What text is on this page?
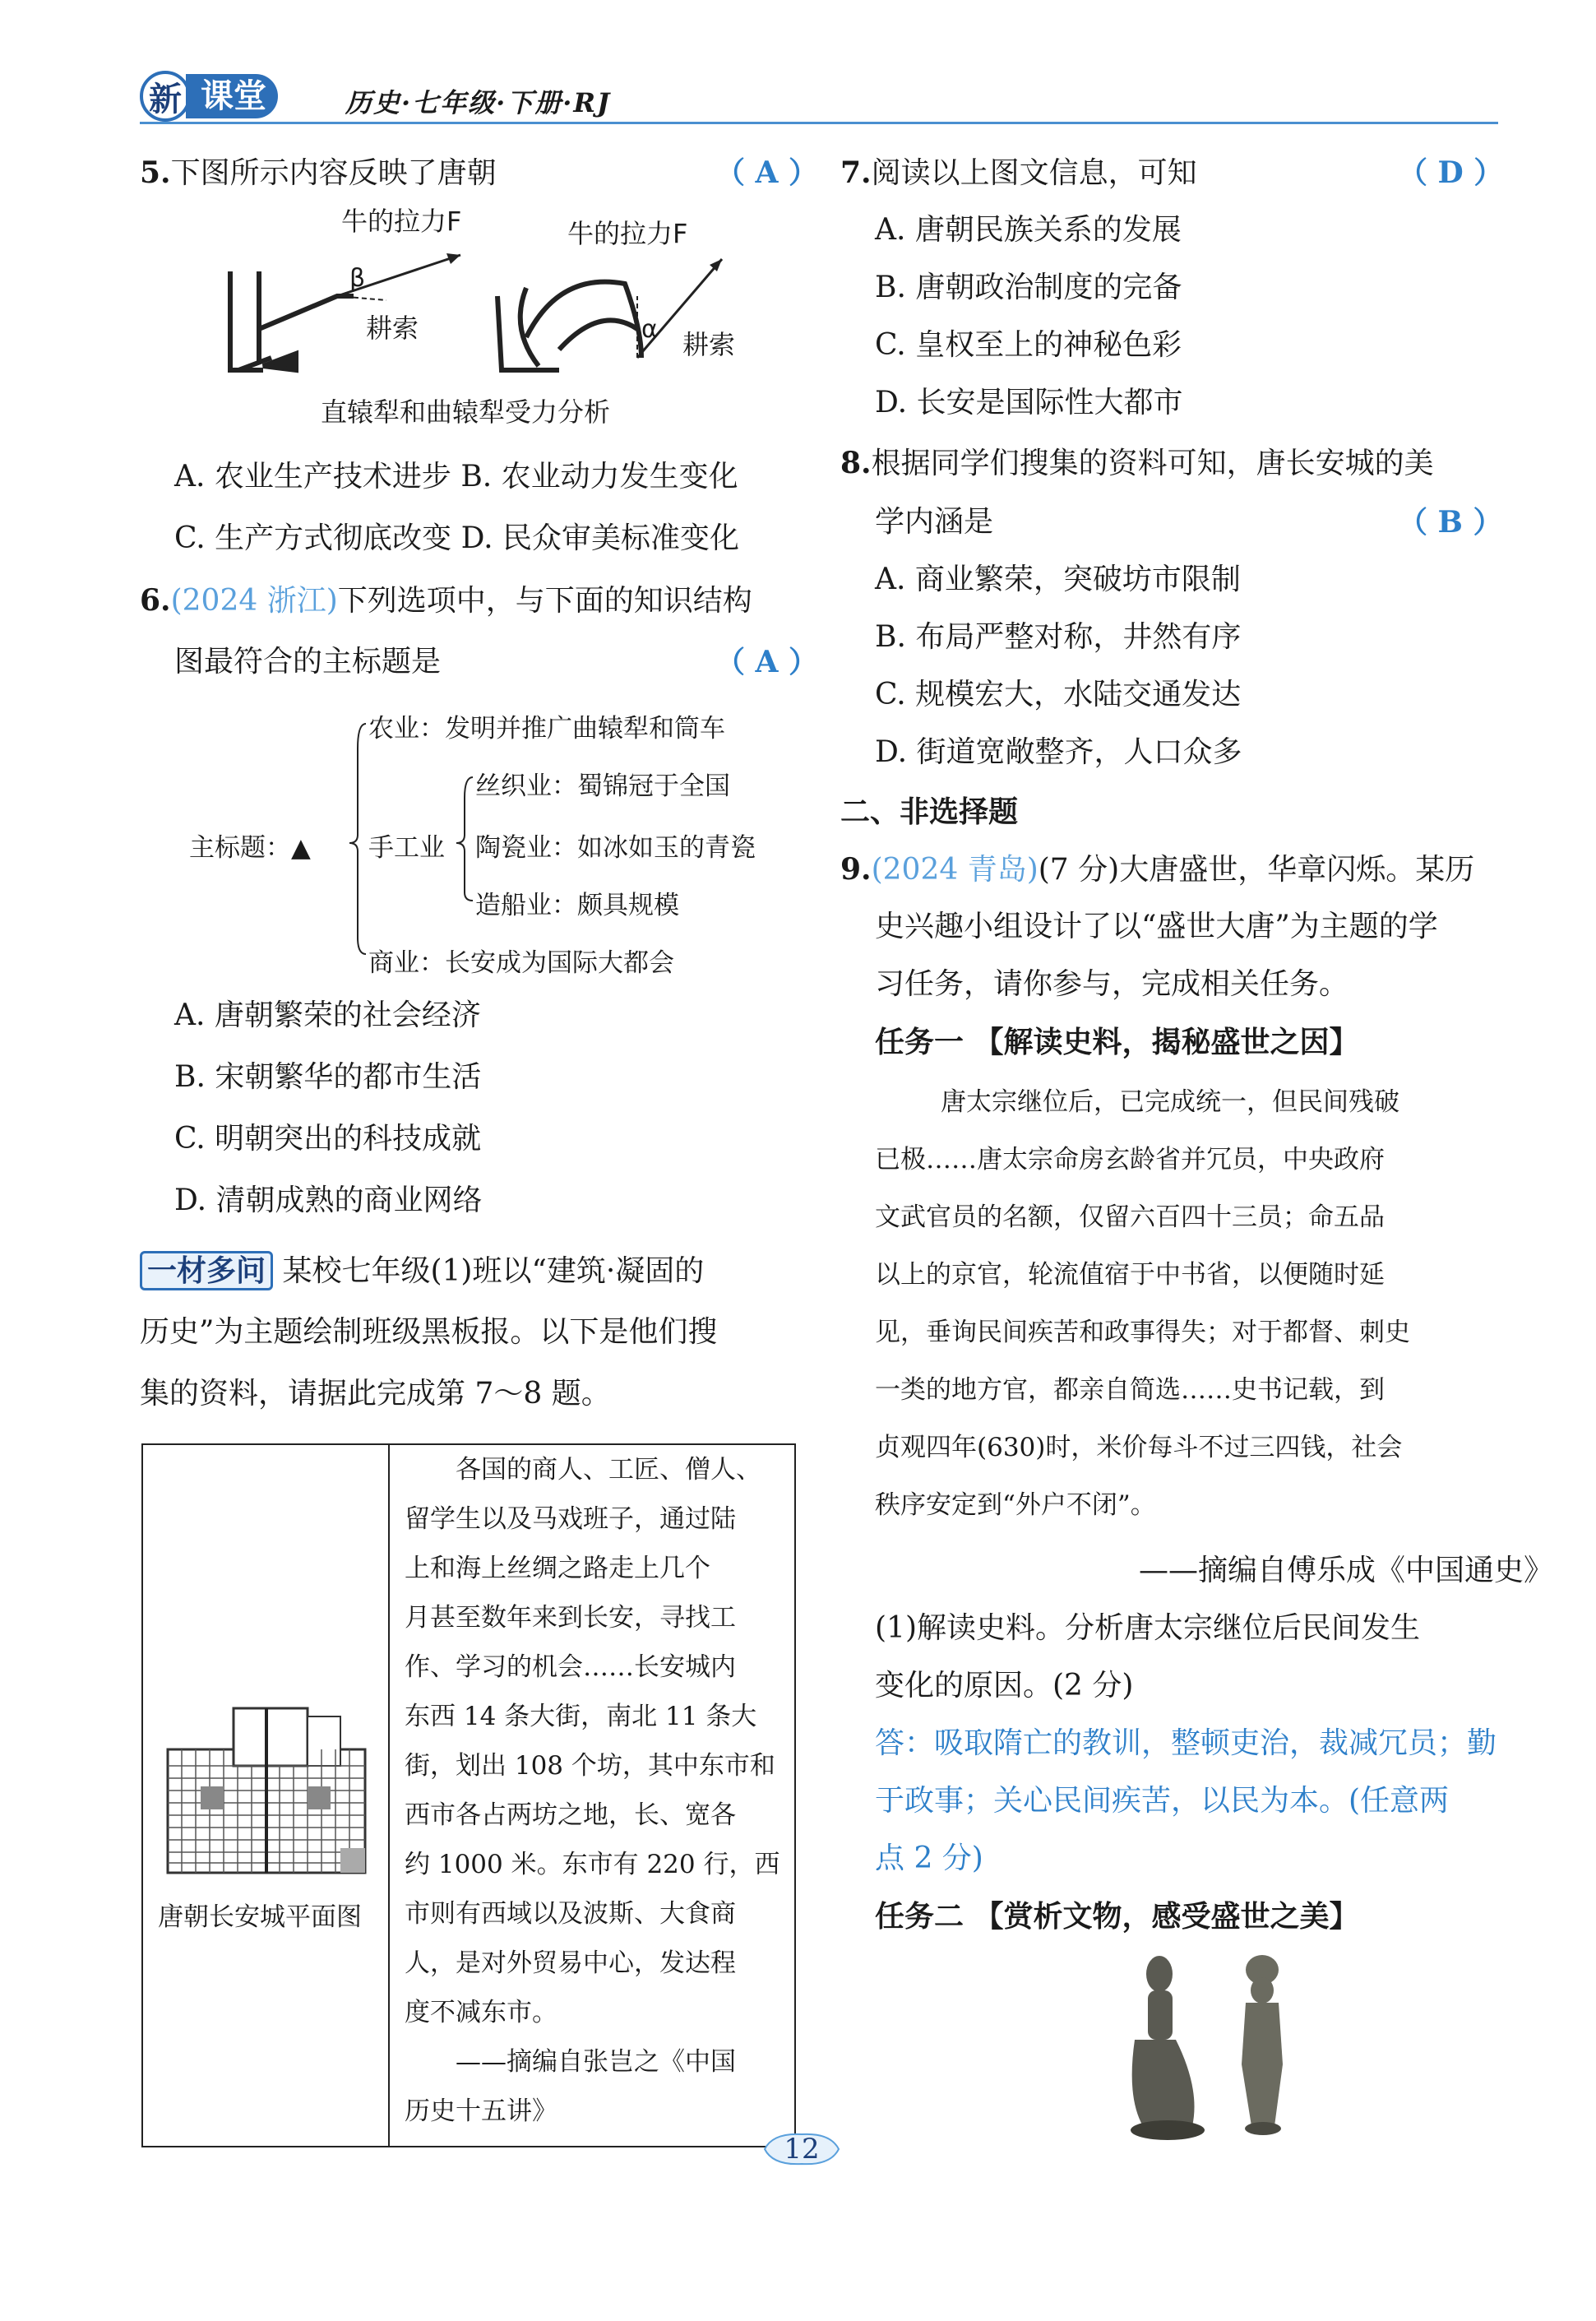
新 课堂	历史·七年级·下册·RJ
5.下图所示内容反映了唐朝	（ A ）
牛的拉力F
β
耕索
牛的拉力F
α 耕索
直辕犁和曲辕犁受力分析
A. 农业生产技术进步 B. 农业动力发生变化
C. 生产方式彻底改变 D. 民众审美标准变化
6.(2024 浙江)下列选项中，与下面的知识结构
图最符合的主标题是	（ A ）
主标题：▲
农业：发明并推广曲辕犁和筒车
手工业
丝织业：蜀锦冠于全国
陶瓷业：如冰如玉的青瓷
造船业：颇具规模
商业：长安成为国际大都会
A. 唐朝繁荣的社会经济
B. 宋朝繁华的都市生活
C. 明朝突出的科技成就
D. 清朝成熟的商业网络
一材多问 某校七年级(1)班以“建筑·凝固的
历史”为主题绘制班级黑板报。以下是他们搜
集的资料，请据此完成第 7～8 题。
唐朝长安城平面图
各国的商人、工匠、僧人、
留学生以及马戏班子，通过陆
上和海上丝绸之路走上几个
月甚至数年来到长安，寻找工
作、学习的机会……长安城内
东西 14 条大街，南北 11 条大
街，划出 108 个坊，其中东市和
西市各占两坊之地，长、宽各
约 1000 米。东市有 220 行，西
市则有西域以及波斯、大食商
人，是对外贸易中心，发达程
度不减东市。
——摘编自张岂之《中国
历史十五讲》
7.阅读以上图文信息，可知	（ D ）
A. 唐朝民族关系的发展
B. 唐朝政治制度的完备
C. 皇权至上的神秘色彩
D. 长安是国际性大都市
8.根据同学们搜集的资料可知，唐长安城的美
学内涵是	（ B ）
A. 商业繁荣，突破坊市限制
B. 布局严整对称，井然有序
C. 规模宏大，水陆交通发达
D. 街道宽敞整齐，人口众多
二、非选择题
9.(2024 青岛)(7 分)大唐盛世，华章闪烁。某历
史兴趣小组设计了以“盛世大唐”为主题的学
习任务，请你参与，完成相关任务。
任务一 【解读史料，揭秘盛世之因】
唐太宗继位后，已完成统一，但民间残破
已极……唐太宗命房玄龄省并冗员，中央政府
文武官员的名额，仅留六百四十三员；命五品
以上的京官，轮流值宿于中书省，以便随时延
见，垂询民间疾苦和政事得失；对于都督、刺史
一类的地方官，都亲自简选……史书记载，到
贞观四年(630)时，米价每斗不过三四钱，社会
秩序安定到“外户不闭”。
——摘编自傅乐成《中国通史》
(1)解读史料。分析唐太宗继位后民间发生
变化的原因。(2 分)
答：吸取隋亡的教训，整顿吏治，裁减冗员；勤
于政事；关心民间疾苦，以民为本。(任意两
点 2 分)
任务二 【赏析文物，感受盛世之美】
12
